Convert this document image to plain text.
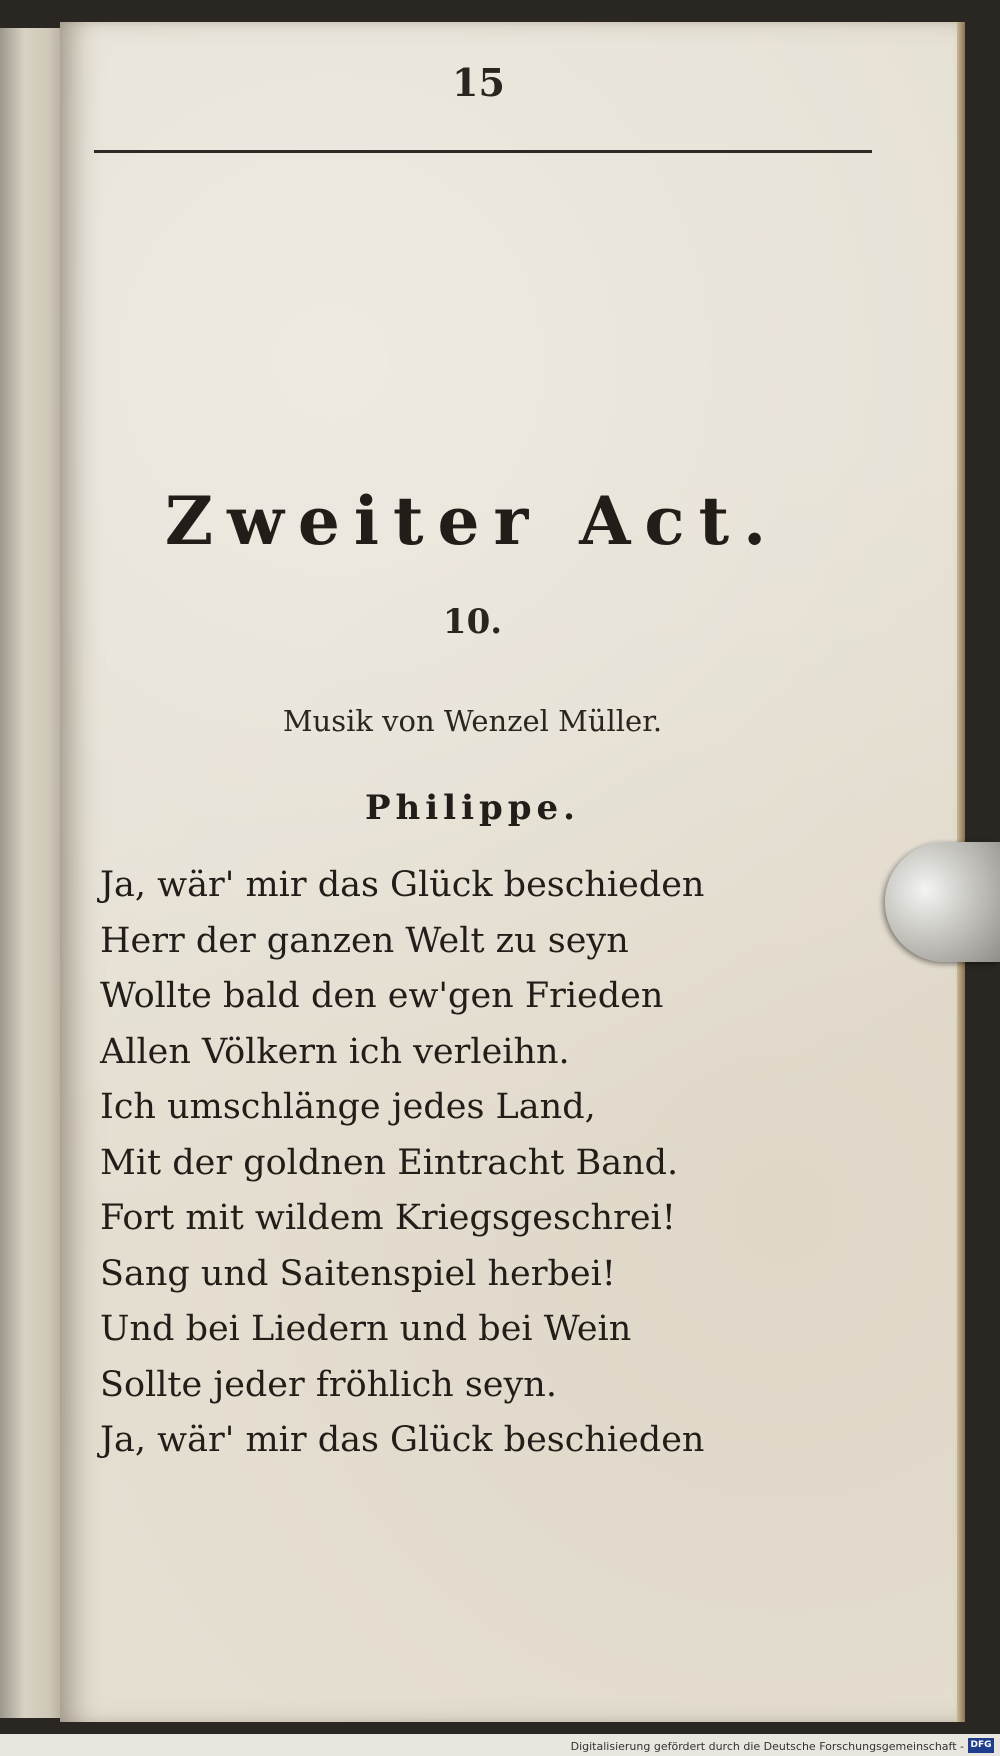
15
Zweiter Act.
10.
Musik von Wenzel Müller.
Philippe.
Ja, wär' mir das Glück beschieden
Herr der ganzen Welt zu seyn
Wollte bald den ew'gen Frieden
Allen Völkern ich verleihn.
Ich umschlänge jedes Land,
Mit der goldnen Eintracht Band.
Fort mit wildem Kriegsgeschrei!
Sang und Saitenspiel herbei!
Und bei Liedern und bei Wein
Sollte jeder fröhlich seyn.
Ja, wär' mir das Glück beschieden
Digitalisierung gefördert durch die Deutsche Forschungsgemeinschaft - DFG
